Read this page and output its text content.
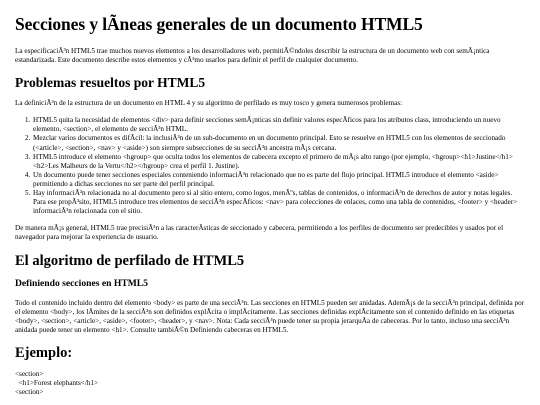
Secciones y lÃneas generales de un documento HTML5

La especificaciÃ³n HTML5 trae muchos nuevos elementos a los desarrolladores web, permitiÃ©ndoles describir la estructura de un documento web con semÃ¡ntica estandarizada. Este documento describe estos elementos y cÃ³mo usarlos para definir el perfil de cualquier documento.

Problemas resueltos por HTML5

La definiciÃ³n de la estructura de un documento en HTML 4 y su algoritmo de perfilado es muy tosco y genera numerosos problemas:

1. HTML5 quita la necesidad de elementos <div> para definir secciones semÃ¡nticas sin definir valores especÃficos para los atributos class, introduciendo un nuevo elemento, <section>, el elemento de secciÃ³n HTML.
2. Mezclar varios documentos es difÃcil: la inclusiÃ³n de un sub-documento en un documento principal. Esto se resuelve en HTML5 con los elementos de seccionado (<article>, <section>, <nav> y <aside>) son siempre subsecciones de su secciÃ³n ancestra mÃ¡s cercana.
3. HTML5 introduce el elemento <hgroup> que oculta todos los elementos de cabecera excepto el primero de mÃ¡s alto rango (por ejemplo, <hgroup><h1>Justine</h1><h2>Les Malheurs de la Vertu</h2></hgroup> crea el perfil 1. Justine).
4. Un documento puede tener secciones especiales conteniendo informaciÃ³n relacionado que no es parte del flujo principal. HTML5 introduce el elemento <aside> permitiendo a dichas secciones no ser parte del perfil principal.
5. Hay informaciÃ³n relacionada no al documento pero si al sitio entero, como logos, menÃºs, tablas de contenidos, o informaciÃ³n de derechos de autor y notas legales. Para ese propÃ³sito, HTML5 introduce tres elementos de secciÃ³n especÃficos: <nav> para colecciones de enlaces, como una tabla de contenidos, <footer> y <header> informaciÃ³n relacionada con el sitio.

De manera mÃ¡s general, HTML5 trae precisiÃ³n a las caracterÃsticas de seccionado y cabecera, permitiendo a los perfiles de documento ser predecibles y usados por el navegador para mejorar la experiencia de usuario.

El algoritmo de perfilado de HTML5
Definiendo secciones en HTML5

Todo el contenido incluido dentro del elemento <body> es parte de una secciÃ³n. Las secciones en HTML5 pueden ser anidadas. AdemÃ¡s de la secciÃ³n principal, definida por el elemento <body>, los lÃmites de la secciÃ³n son definidos explÃcita o implÃcitamente. Las secciones definidas explÃcitamente son el contenido definido en las etiquetas <body>, <section>, <article>, <aside>, <footer>, <header>, y <nav>. Nota: Cada secciÃ³n puede tener su propia jerarquÃa de cabeceras. Por lo tanto, incluso una secciÃ³n anidada puede tener un elemento <h1>. Consulte tambiÃ©n Definiendo cabeceras en HTML5.

Ejemplo:
<section>
<h1>Forest elephants</h1>
<section>
